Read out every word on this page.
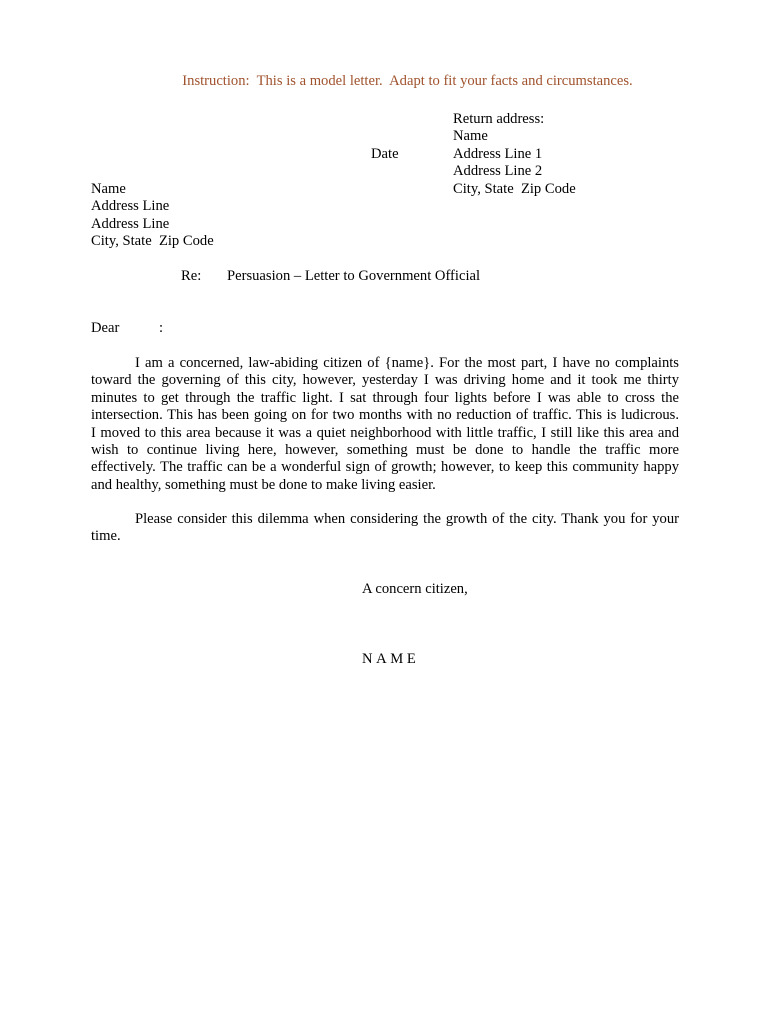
Instruction:  This is a model letter.  Adapt to fit your facts and circumstances.
Return address:
Name
Address Line 1
Address Line 2
City, State  Zip Code
Date
Name
Address Line
Address Line
City, State  Zip Code
Re: Persuasion – Letter to Government Official
Dear	:
I am a concerned, law-abiding citizen of {name}. For the most part, I have no complaints
toward the governing of this city, however, yesterday I was driving home and it took me thirty
minutes to get through the traffic light. I sat through four lights before I was able to cross the
intersection. This has been going on for two months with no reduction of traffic. This is ludicrous.
I moved to this area because it was a quiet neighborhood with little traffic, I still like this area and
wish to continue living here, however, something must be done to handle the traffic more
effectively. The traffic can be a wonderful sign of growth; however, to keep this community happy
and healthy, something must be done to make living easier.
Please consider this dilemma when considering the growth of the city. Thank you for your
time.
A concern citizen,
NAME
